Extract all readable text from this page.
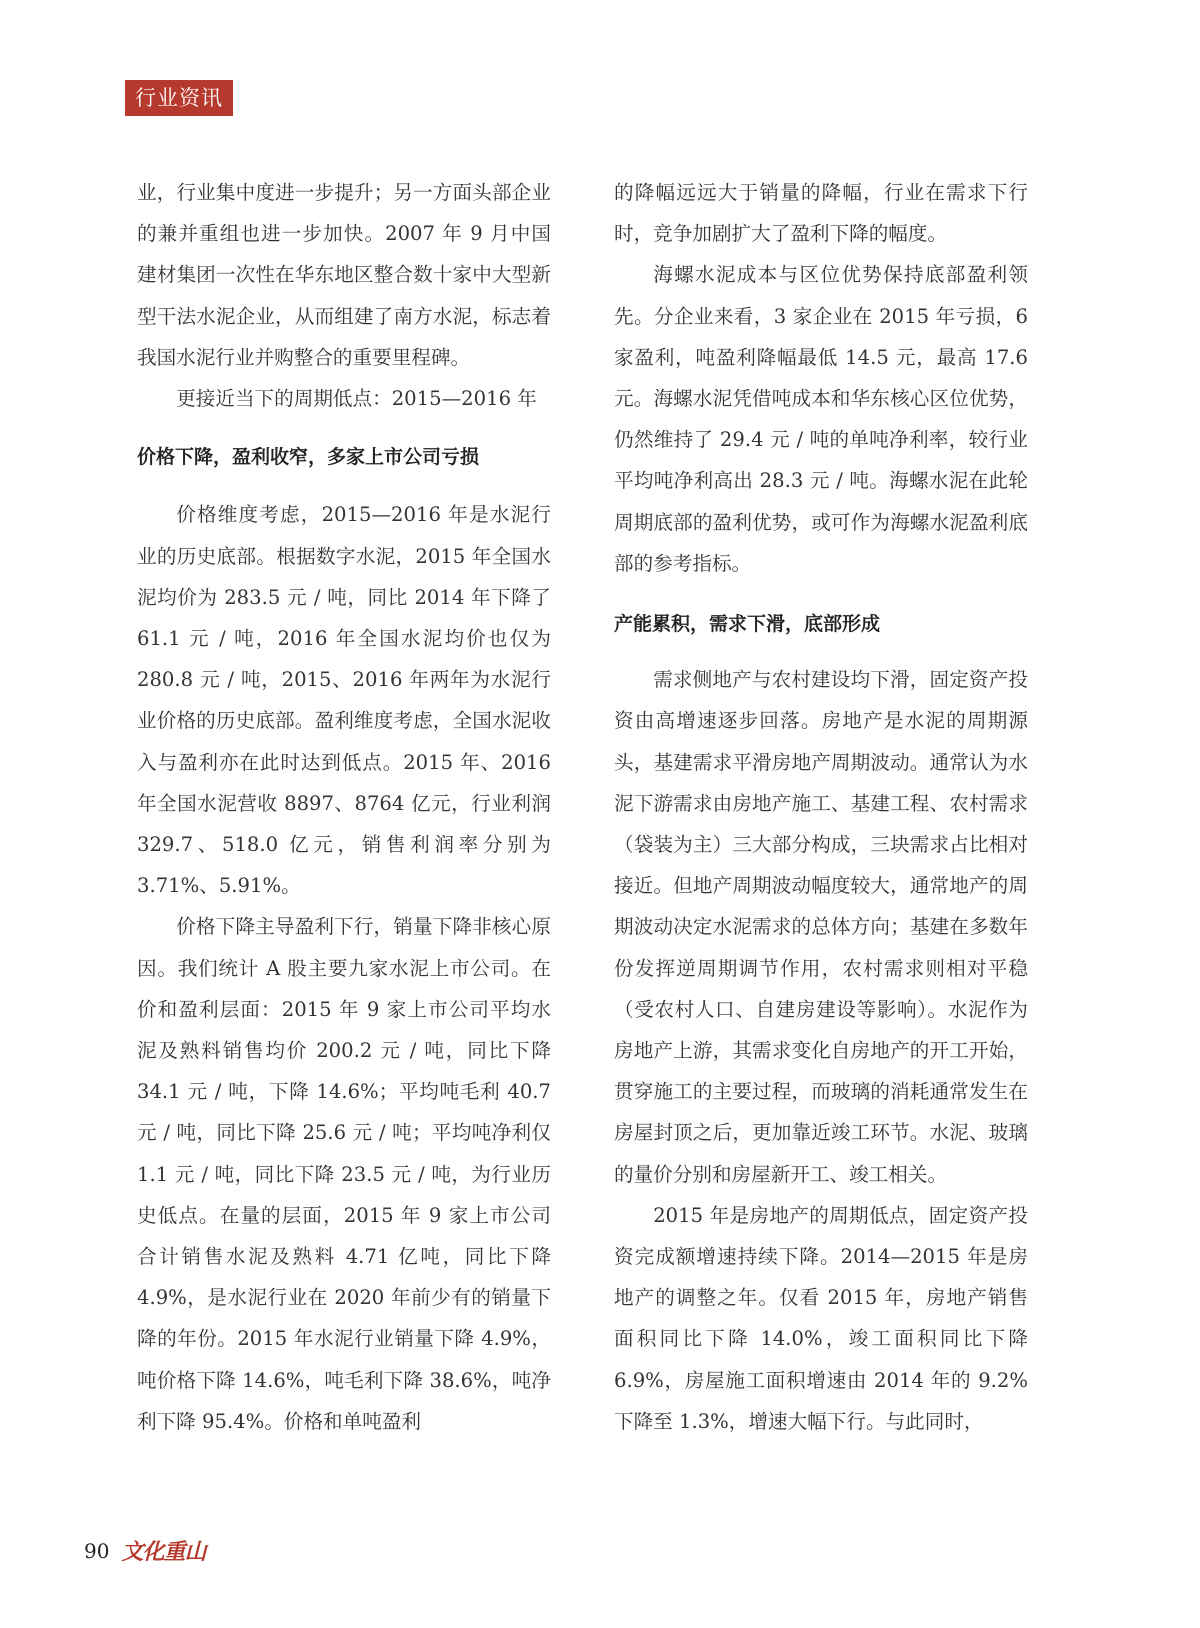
行业资讯

业，行业集中度进一步提升；另一方面头部企业的兼并重组也进一步加快。2007 年 9 月中国建材集团一次性在华东地区整合数十家中大型新型干法水泥企业，从而组建了南方水泥，标志着我国水泥行业并购整合的重要里程碑。

更接近当下的周期低点：2015—2016 年

价格下降，盈利收窄，多家上市公司亏损

价格维度考虑，2015—2016 年是水泥行业的历史底部。根据数字水泥，2015 年全国水泥均价为 283.5 元 / 吨，同比 2014 年下降了 61.1 元 / 吨，2016 年全国水泥均价也仅为 280.8 元 / 吨，2015、2016 年两年为水泥行业价格的历史底部。盈利维度考虑，全国水泥收入与盈利亦在此时达到低点。2015 年、2016 年全国水泥营收 8897、8764 亿元，行业利润 329.7、518.0 亿元，销售利润率分别为 3.71%、5.91%。

价格下降主导盈利下行，销量下降非核心原因。我们统计 A 股主要九家水泥上市公司。在价和盈利层面：2015 年 9 家上市公司平均水泥及熟料销售均价 200.2 元 / 吨，同比下降 34.1 元 / 吨，下降 14.6%；平均吨毛利 40.7 元 / 吨，同比下降 25.6 元 / 吨；平均吨净利仅 1.1 元 / 吨，同比下降 23.5 元 / 吨，为行业历史低点。在量的层面，2015 年 9 家上市公司合计销售水泥及熟料 4.71 亿吨，同比下降 4.9%，是水泥行业在 2020 年前少有的销量下降的年份。2015 年水泥行业销量下降 4.9%，吨价格下降 14.6%，吨毛利下降 38.6%，吨净利下降 95.4%。价格和单吨盈利

的降幅远远大于销量的降幅，行业在需求下行时，竞争加剧扩大了盈利下降的幅度。

海螺水泥成本与区位优势保持底部盈利领先。分企业来看，3 家企业在 2015 年亏损，6 家盈利，吨盈利降幅最低 14.5 元，最高 17.6 元。海螺水泥凭借吨成本和华东核心区位优势，仍然维持了 29.4 元 / 吨的单吨净利率，较行业平均吨净利高出 28.3 元 / 吨。海螺水泥在此轮周期底部的盈利优势，或可作为海螺水泥盈利底部的参考指标。

产能累积，需求下滑，底部形成

需求侧地产与农村建设均下滑，固定资产投资由高增速逐步回落。房地产是水泥的周期源头，基建需求平滑房地产周期波动。通常认为水泥下游需求由房地产施工、基建工程、农村需求（袋装为主）三大部分构成，三块需求占比相对接近。但地产周期波动幅度较大，通常地产的周期波动决定水泥需求的总体方向；基建在多数年份发挥逆周期调节作用，农村需求则相对平稳（受农村人口、自建房建设等影响）。水泥作为房地产上游，其需求变化自房地产的开工开始，贯穿施工的主要过程，而玻璃的消耗通常发生在房屋封顶之后，更加靠近竣工环节。水泥、玻璃的量价分别和房屋新开工、竣工相关。

2015 年是房地产的周期低点，固定资产投资完成额增速持续下降。2014—2015 年是房地产的调整之年。仅看 2015 年，房地产销售面积同比下降 14.0%，竣工面积同比下降 6.9%，房屋施工面积增速由 2014 年的 9.2% 下降至 1.3%，增速大幅下行。与此同时，

90 文化重山
